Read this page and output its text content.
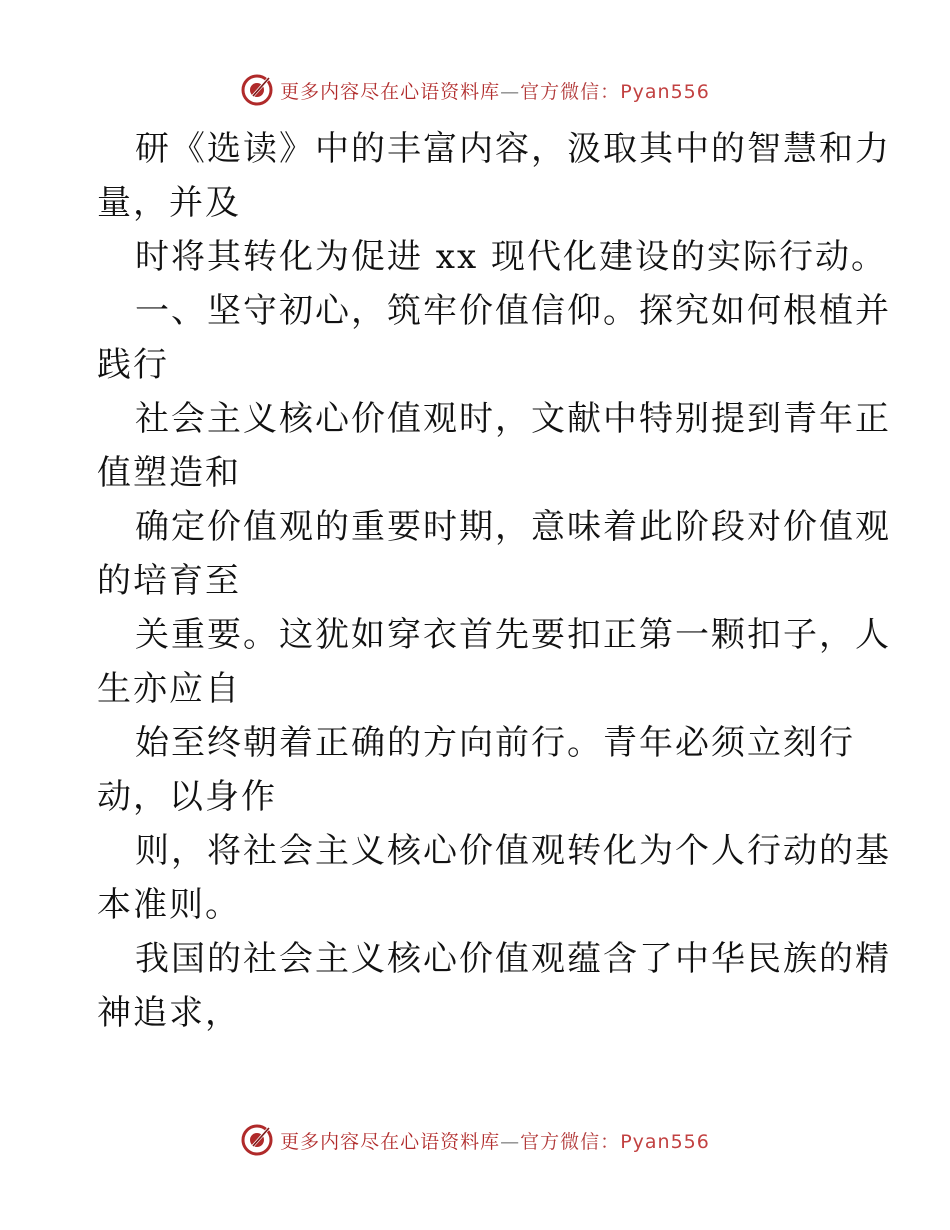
更多内容尽在心语资料库—官方微信：Pyan556
研《选读》中的丰富内容，汲取其中的智慧和力
量，并及
时将其转化为促进 xx 现代化建设的实际行动。
一、坚守初心，筑牢价值信仰。探究如何根植并
践行
社会主义核心价值观时，文献中特别提到青年正
值塑造和
确定价值观的重要时期，意味着此阶段对价值观
的培育至
关重要。这犹如穿衣首先要扣正第一颗扣子，人
生亦应自
始至终朝着正确的方向前行。青年必须立刻行
动，以身作
则，将社会主义核心价值观转化为个人行动的基
本准则。
我国的社会主义核心价值观蕴含了中华民族的精
神追求，
更多内容尽在心语资料库—官方微信：Pyan556
